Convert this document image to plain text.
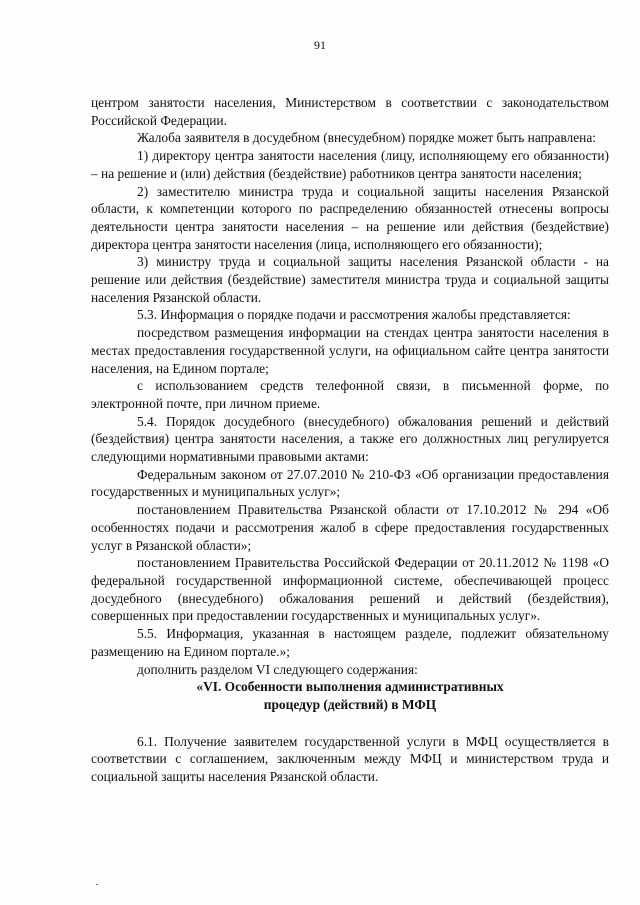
91

центром занятости населения, Министерством в соответствии с законодательством Российской Федерации.

Жалоба заявителя в досудебном (внесудебном) порядке может быть направлена:

1) директору центра занятости населения (лицу, исполняющему его обязанности) – на решение и (или) действия (бездействие) работников центра занятости населения;

2) заместителю министра труда и социальной защиты населения Рязанской области, к компетенции которого по распределению обязанностей отнесены вопросы деятельности центра занятости населения – на решение или действия (бездействие) директора центра занятости населения (лица, исполняющего его обязанности);

3) министру труда и социальной защиты населения Рязанской области - на решение или действия (бездействие) заместителя министра труда и социальной защиты населения Рязанской области.

5.3. Информация о порядке подачи и рассмотрения жалобы представляется:

посредством размещения информации на стендах центра занятости населения в местах предоставления государственной услуги, на официальном сайте центра занятости населения, на Едином портале;

с использованием средств телефонной связи, в письменной форме, по электронной почте, при личном приеме.

5.4. Порядок досудебного (внесудебного) обжалования решений и действий (бездействия) центра занятости населения, а также его должностных лиц регулируется следующими нормативными правовыми актами:

Федеральным законом от 27.07.2010 № 210-ФЗ «Об организации предоставления государственных и муниципальных услуг»;

постановлением Правительства Рязанской области от 17.10.2012 № 294 «Об особенностях подачи и рассмотрения жалоб в сфере предоставления государственных услуг в Рязанской области»;

постановлением Правительства Российской Федерации от 20.11.2012 № 1198 «О федеральной государственной информационной системе, обеспечивающей процесс досудебного (внесудебного) обжалования решений и действий (бездействия), совершенных при предоставлении государственных и муниципальных услуг».

5.5. Информация, указанная в настоящем разделе, подлежит обязательному размещению на Едином портале.»;

дополнить разделом VI следующего содержания:

«VI. Особенности выполнения административных

процедур (действий) в МФЦ

6.1. Получение заявителем государственной услуги в МФЦ осуществляется в соответствии с соглашением, заключенным между МФЦ и министерством труда и социальной защиты населения Рязанской области.
